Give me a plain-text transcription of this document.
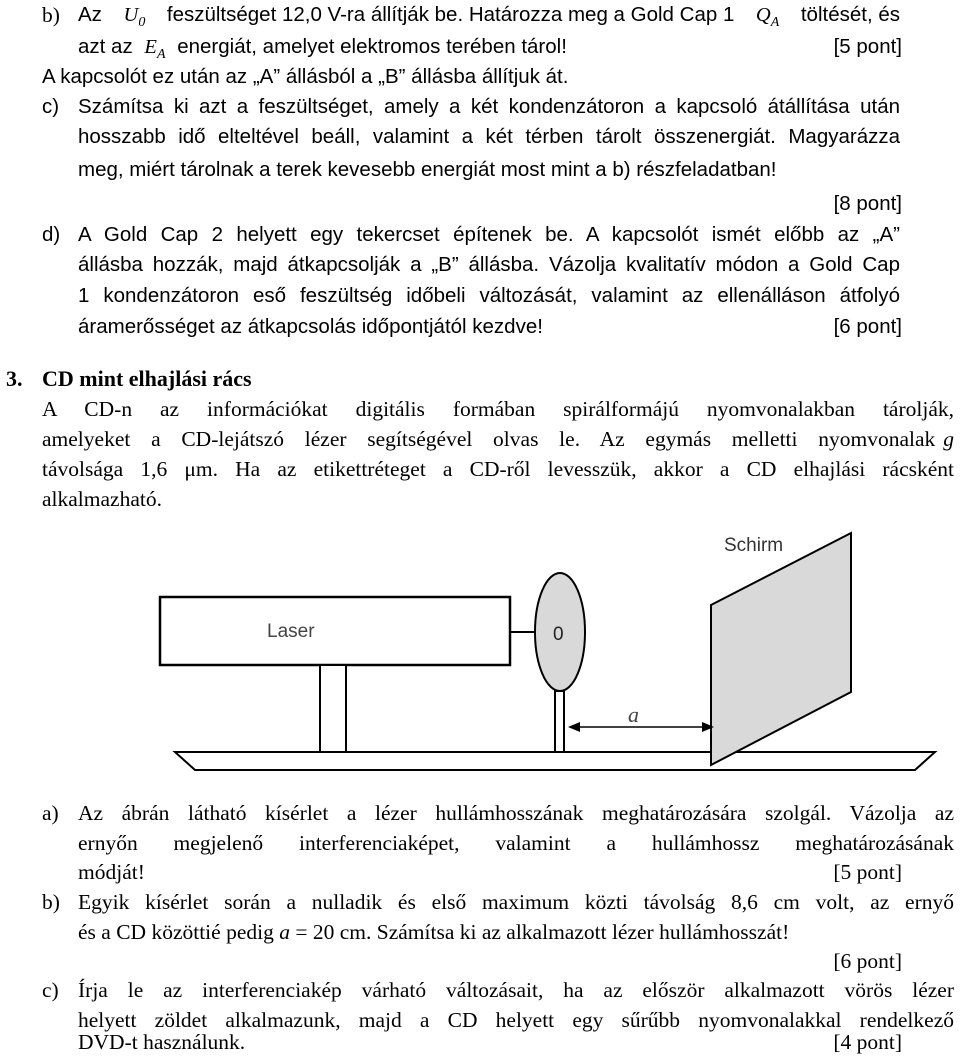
b) Az $U_0$ feszültséget 12,0 V-ra állítják be. Határozza meg a Gold Cap 1 $Q_A$ töltését, és
azt az $E_A$ energiát, amelyet elektromos terében tárol!	[5 pont]
A kapcsolót ez után az „A” állásból a „B” állásba állítjuk át.
c) Számítsa ki azt a feszültséget, amely a két kondenzátoron a kapcsoló átállítása után
hosszabb idő elteltével beáll, valamint a két térben tárolt összenergiát. Magyarázza
meg, miért tárolnak a terek kevesebb energiát most mint a b) részfeladatban!
[8 pont]
d) A Gold Cap 2 helyett egy tekercset építenek be. A kapcsolót ismét előbb az „A”
állásba hozzák, majd átkapcsolják a „B” állásba. Vázolja kvalitatív módon a Gold Cap
1 kondenzátoron eső feszültség időbeli változását, valamint az ellenálláson átfolyó
áramerősséget az átkapcsolás időpontjától kezdve!	[6 pont]
3. CD mint elhajlási rács
A CD-n az információkat digitális formában spirálformájú nyomvonalakban tárolják,
amelyeket a CD-lejátszó lézer segítségével olvas le. Az egymás melletti nyomvonalak g
távolsága 1,6 μm. Ha az etikettréteget a CD-ről levesszük, akkor a CD elhajlási rácsként
alkalmazható.
Laser	0
Schirm
a
a) Az ábrán látható kísérlet a lézer hullámhosszának meghatározására szolgál. Vázolja az
ernyőn megjelenő interferenciaképet, valamint a hullámhossz meghatározásának
módját!	[5 pont]
b) Egyik kísérlet során a nulladik és első maximum közti távolság 8,6 cm volt, az ernyő
és a CD közöttié pedig a = 20 cm. Számítsa ki az alkalmazott lézer hullámhosszát!
[6 pont]
c) Írja le az interferenciakép várható változásait, ha az először alkalmazott vörös lézer
helyett zöldet alkalmazunk, majd a CD helyett egy sűrűbb nyomvonalakkal rendelkező
DVD-t használunk.	[4 pont]
